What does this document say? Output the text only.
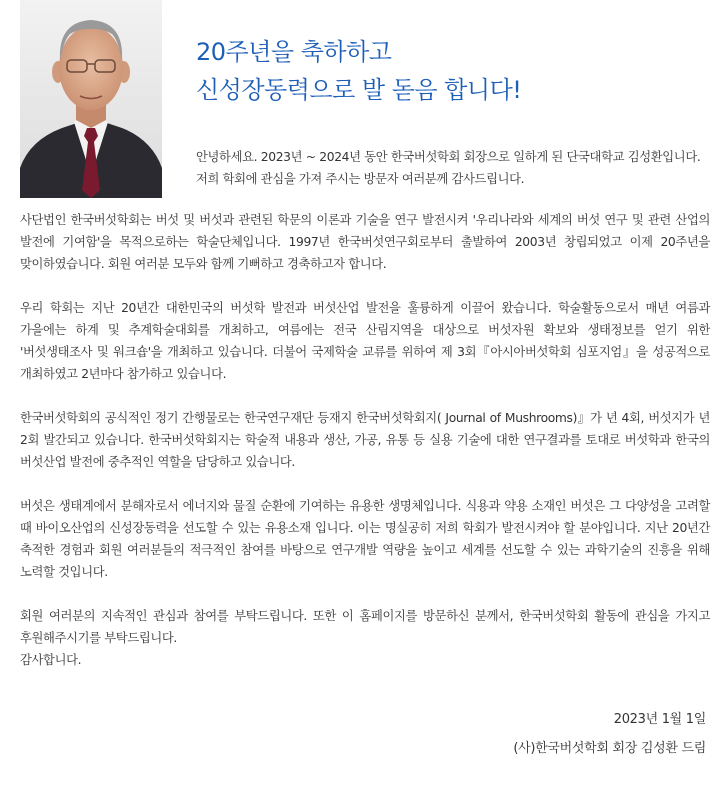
20주년을 축하하고
신성장동력으로 발 돋음 합니다!

안녕하세요. 2023년 ~ 2024년 동안 한국버섯학회 회장으로 일하게 된 단국대학교 김성환입니다. 저희 학회에 관심을 가져 주시는 방문자 여러분께 감사드립니다.

사단법인 한국버섯학회는 버섯 및 버섯과 관련된 학문의 이론과 기술을 연구 발전시켜 '우리나라와 세계의 버섯 연구 및 관련 산업의 발전에 기여함'을 목적으로하는 학술단체입니다. 1997년 한국버섯연구회로부터 출발하여 2003년 창립되었고 이제 20주년을 맞이하였습니다. 회원 여러분 모두와 함께 기뻐하고 경축하고자 합니다.

우리 학회는 지난 20년간 대한민국의 버섯학 발전과 버섯산업 발전을 훌륭하게 이끌어 왔습니다. 학술활동으로서 매년 여름과 가을에는 하계 및 추계학술대회를 개최하고, 여름에는 전국 산림지역을 대상으로 버섯자원 확보와 생태정보를 얻기 위한 '버섯생태조사 및 워크숍'을 개최하고 있습니다. 더불어 국제학술 교류를 위하여 제 3회『아시아버섯학회 심포지엄』을 성공적으로 개최하였고 2년마다 참가하고 있습니다.

한국버섯학회의 공식적인 정기 간행물로는 한국연구재단 등재지 한국버섯학회지( Journal of Mushrooms)』가 년 4회, 버섯지가 년 2회 발간되고 있습니다. 한국버섯학회지는 학술적 내용과 생산, 가공, 유통 등 실용 기술에 대한 연구결과를 토대로 버섯학과 한국의 버섯산업 발전에 중추적인 역할을 담당하고 있습니다.

버섯은 생태계에서 분해자로서 에너지와 물질 순환에 기여하는 유용한 생명체입니다. 식용과 약용 소재인 버섯은 그 다양성을 고려할 때 바이오산업의 신성장동력을 선도할 수 있는 유용소재 입니다. 이는 명실공히 저희 학회가 발전시켜야 할 분야입니다. 지난 20년간 축적한 경험과 회원 여러분들의 적극적인 참여를 바탕으로 연구개발 역량을 높이고 세계를 선도할 수 있는 과학기술의 진흥을 위해 노력할 것입니다.

회원 여러분의 지속적인 관심과 참여를 부탁드립니다. 또한 이 홈페이지를 방문하신 분께서, 한국버섯학회 활동에 관심을 가지고 후원해주시기를 부탁드립니다.
감사합니다.

2023년 1월 1일
(사)한국버섯학회 회장 김성환 드림
